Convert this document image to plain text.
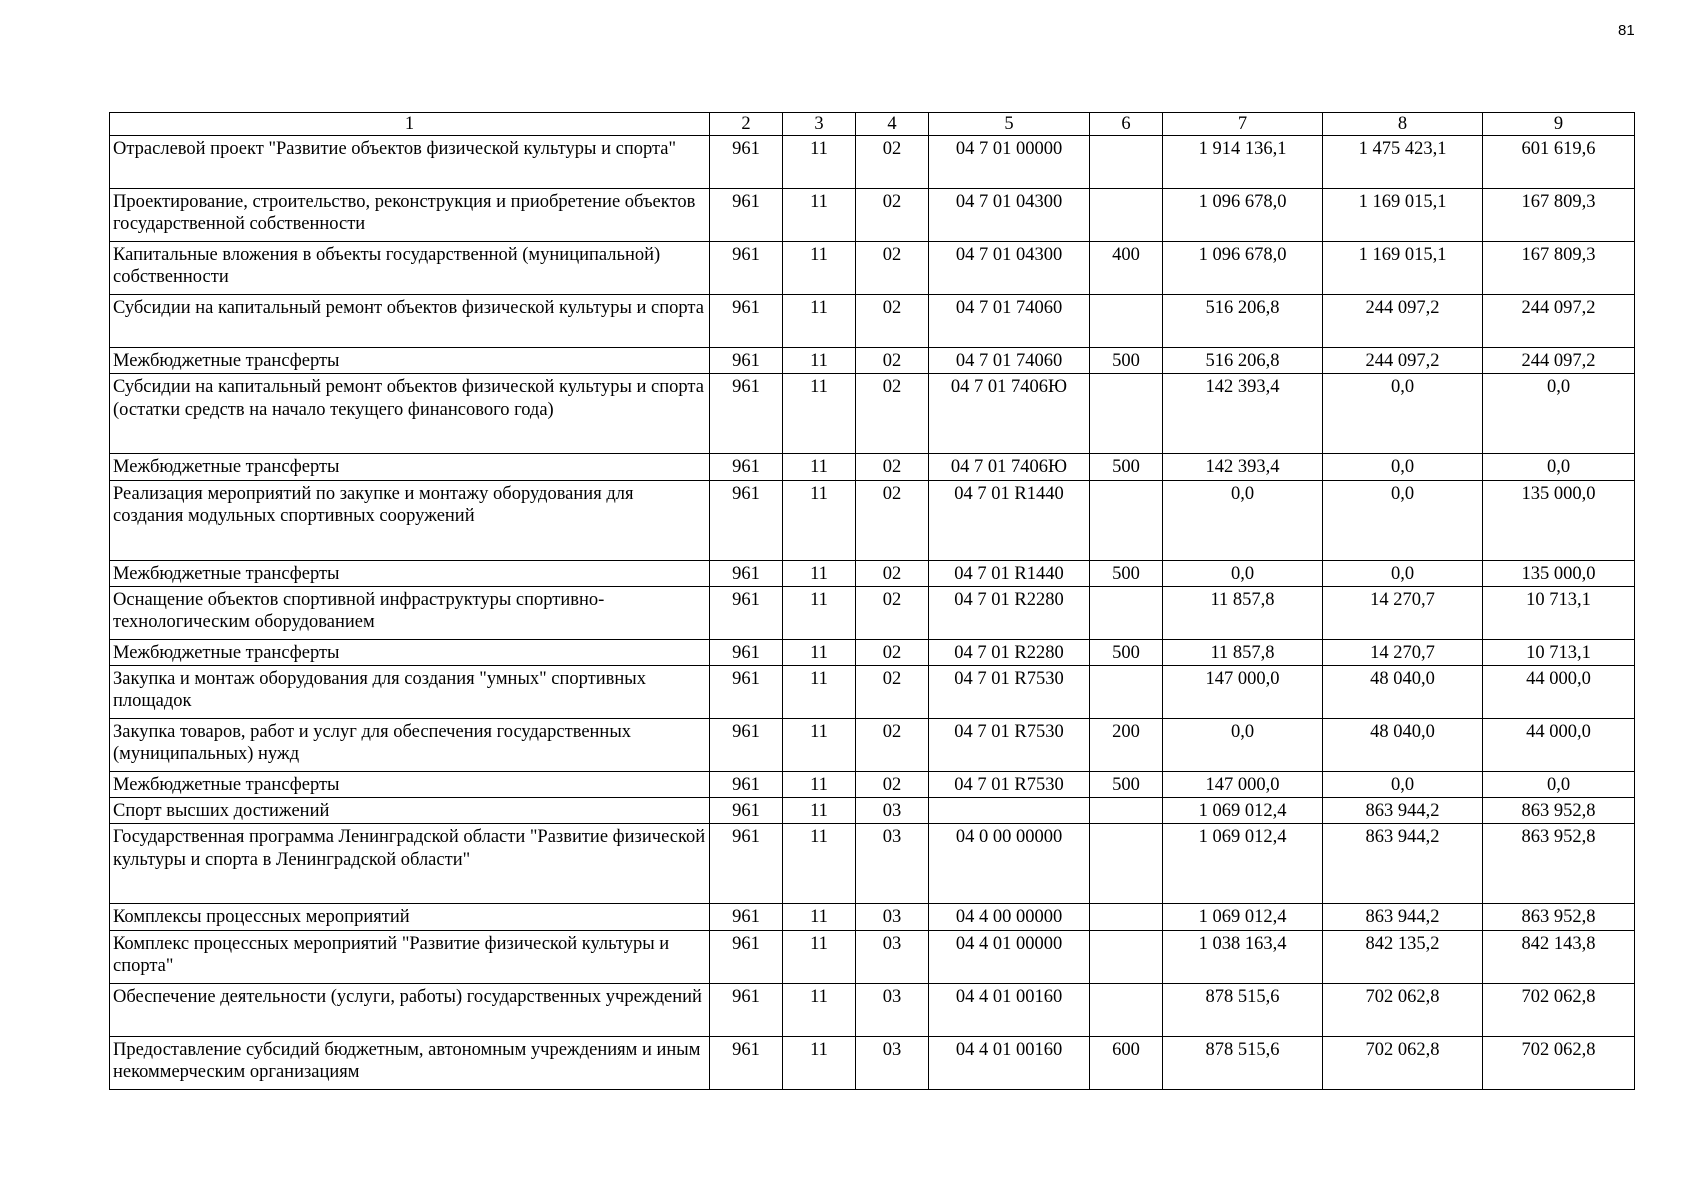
81
1	2	3	4	5	6	7	8	9
Отраслевой проект "Развитие объектов физической культуры и спорта"	961	11	02	04 7 01 00000		1 914 136,1	1 475 423,1	601 619,6
Проектирование, строительство, реконструкция и приобретение объектов государственной собственности	961	11	02	04 7 01 04300		1 096 678,0	1 169 015,1	167 809,3
Капитальные вложения в объекты государственной (муниципальной) собственности	961	11	02	04 7 01 04300	400	1 096 678,0	1 169 015,1	167 809,3
Субсидии на капитальный ремонт объектов физической культуры и спорта	961	11	02	04 7 01 74060		516 206,8	244 097,2	244 097,2
Межбюджетные трансферты	961	11	02	04 7 01 74060	500	516 206,8	244 097,2	244 097,2
Субсидии на капитальный ремонт объектов физической культуры и спорта (остатки средств на начало текущего финансового года)	961	11	02	04 7 01 7406Ю		142 393,4	0,0	0,0
Межбюджетные трансферты	961	11	02	04 7 01 7406Ю	500	142 393,4	0,0	0,0
Реализация мероприятий по закупке и монтажу оборудования для создания модульных спортивных сооружений	961	11	02	04 7 01 R1440		0,0	0,0	135 000,0
Межбюджетные трансферты	961	11	02	04 7 01 R1440	500	0,0	0,0	135 000,0
Оснащение объектов спортивной инфраструктуры спортивно-технологическим оборудованием	961	11	02	04 7 01 R2280		11 857,8	14 270,7	10 713,1
Межбюджетные трансферты	961	11	02	04 7 01 R2280	500	11 857,8	14 270,7	10 713,1
Закупка и монтаж оборудования для создания "умных" спортивных площадок	961	11	02	04 7 01 R7530		147 000,0	48 040,0	44 000,0
Закупка товаров, работ и услуг для обеспечения государственных (муниципальных) нужд	961	11	02	04 7 01 R7530	200	0,0	48 040,0	44 000,0
Межбюджетные трансферты	961	11	02	04 7 01 R7530	500	147 000,0	0,0	0,0
Спорт высших достижений	961	11	03			1 069 012,4	863 944,2	863 952,8
Государственная программа Ленинградской области "Развитие физической культуры и спорта в Ленинградской области"	961	11	03	04 0 00 00000		1 069 012,4	863 944,2	863 952,8
Комплексы процессных мероприятий	961	11	03	04 4 00 00000		1 069 012,4	863 944,2	863 952,8
Комплекс процессных мероприятий "Развитие физической культуры и спорта"	961	11	03	04 4 01 00000		1 038 163,4	842 135,2	842 143,8
Обеспечение деятельности (услуги, работы) государственных учреждений	961	11	03	04 4 01 00160		878 515,6	702 062,8	702 062,8
Предоставление субсидий бюджетным, автономным учреждениям и иным некоммерческим организациям	961	11	03	04 4 01 00160	600	878 515,6	702 062,8	702 062,8
